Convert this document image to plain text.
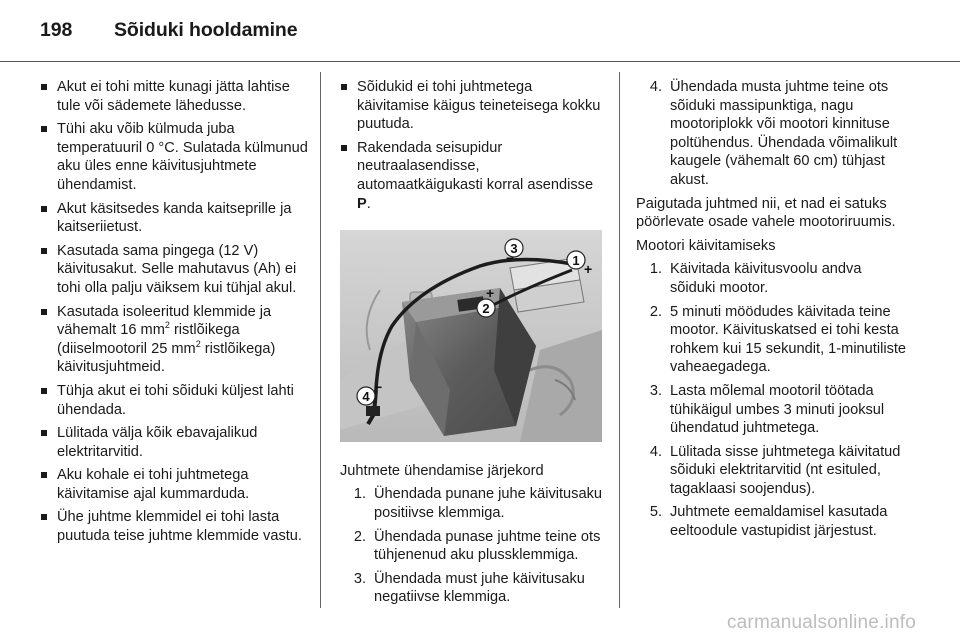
198 Sõiduki hooldamine
Akut ei tohi mitte kunagi jätta lahtise tule või sädemete lähedusse.
Tühi aku võib külmuda juba temperatuuril 0 °C. Sulatada külmunud aku üles enne käivitusjuhtmete ühendamist.
Akut käsitsedes kanda kaitseprille ja kaitseriietust.
Kasutada sama pingega (12 V) käivitusakut. Selle mahutavus (Ah) ei tohi olla palju väiksem kui tühjal akul.
Kasutada isoleeritud klemmide ja vähemalt 16 $mm^2$ ristlõikega (diiselmootoril 25 $mm^2$ ristlõikega) käivitusjuhtmeid.
Tühja akut ei tohi sõiduki küljest lahti ühendada.
Lülitada välja kõik ebavajalikud elektritarvitid.
Aku kohale ei tohi juhtmetega käivitamise ajal kummarduda.
Ühe juhtme klemmidel ei tohi lasta puutuda teise juhtme klemmide vastu.
Sõidukid ei tohi juhtmetega käivitamise käigus teineteisega kokku puutuda.
Rakendada seisupidur neutraalasendisse, automaatkäigukasti korral asendisse P.
1
+
3
−
2
+
4
−
Juhtmete ühendamise järjekord
1. Ühendada punane juhe käivitusaku positiivse klemmiga.
2. Ühendada punase juhtme teine ots tühjenenud aku plussklemmiga.
3. Ühendada must juhe käivitusaku negatiivse klemmiga.
4. Ühendada musta juhtme teine ots sõiduki massipunktiga, nagu mootoriplokk või mootori kinnituse poltühendus. Ühendada võimalikult kaugele (vähemalt 60 cm) tühjast akust.
Paigutada juhtmed nii, et nad ei satuks pöörlevate osade vahele mootoriruumis.
Mootori käivitamiseks
1. Käivitada käivitusvoolu andva sõiduki mootor.
2. 5 minuti möödudes käivitada teine mootor. Käivituskatsed ei tohi kesta rohkem kui 15 sekundit, 1-minutiliste vaheaegadega.
3. Lasta mõlemal mootoril töötada tühikäigul umbes 3 minuti jooksul ühendatud juhtmetega.
4. Lülitada sisse juhtmetega käivitatud sõiduki elektritarvitid (nt esituled, tagaklaasi soojendus).
5. Juhtmete eemaldamisel kasutada eeltoodule vastupidist järjestust.
carmanualsonline.info
